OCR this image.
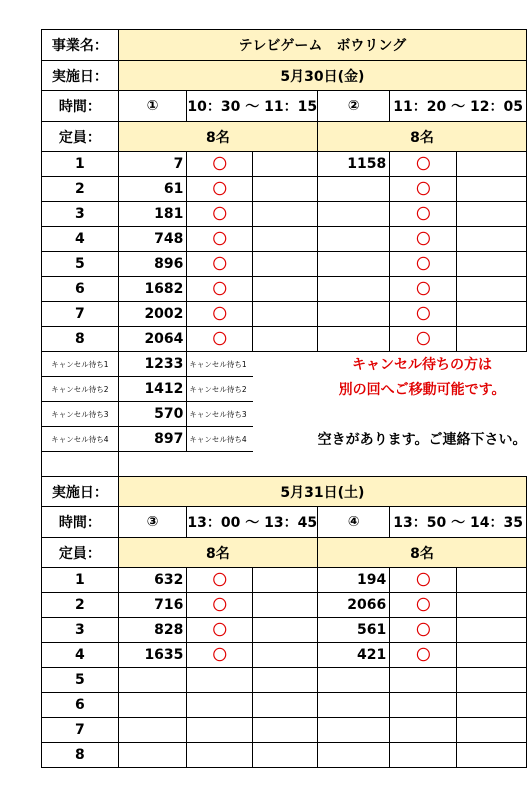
事業名：	テレビゲーム　ボウリング					
実施日：	5月30日(金)					
時間：	①	10：30 ～ 11：15		②	11：20 ～ 12：05	
定員：	8名			8名		
1	7	〇		1158	〇	
2	61	〇			〇	
3	181	〇			〇	
4	748	〇			〇	
5	896	〇			〇	
6	1682	〇			〇	
7	2002	〇			〇	
8	2064	〇			〇	
キャンセル待ち1	1233	キャンセル待ち1		キャンセル待ちの方は		
キャンセル待ち2	1412	キャンセル待ち2		別の回へご移動可能です。		
キャンセル待ち3	570	キャンセル待ち3				
キャンセル待ち4	897	キャンセル待ち4		空きがあります。ご連絡下さい。		

実施日：	5月31日(土)					
時間：	③	13：00 ～ 13：45		④	13：50 ～ 14：35	
定員：	8名			8名		
1	632	〇		194	〇	
2	716	〇		2066	〇	
3	828	〇		561	〇	
4	1635	〇		421	〇	
5						
6						
7						
8						
